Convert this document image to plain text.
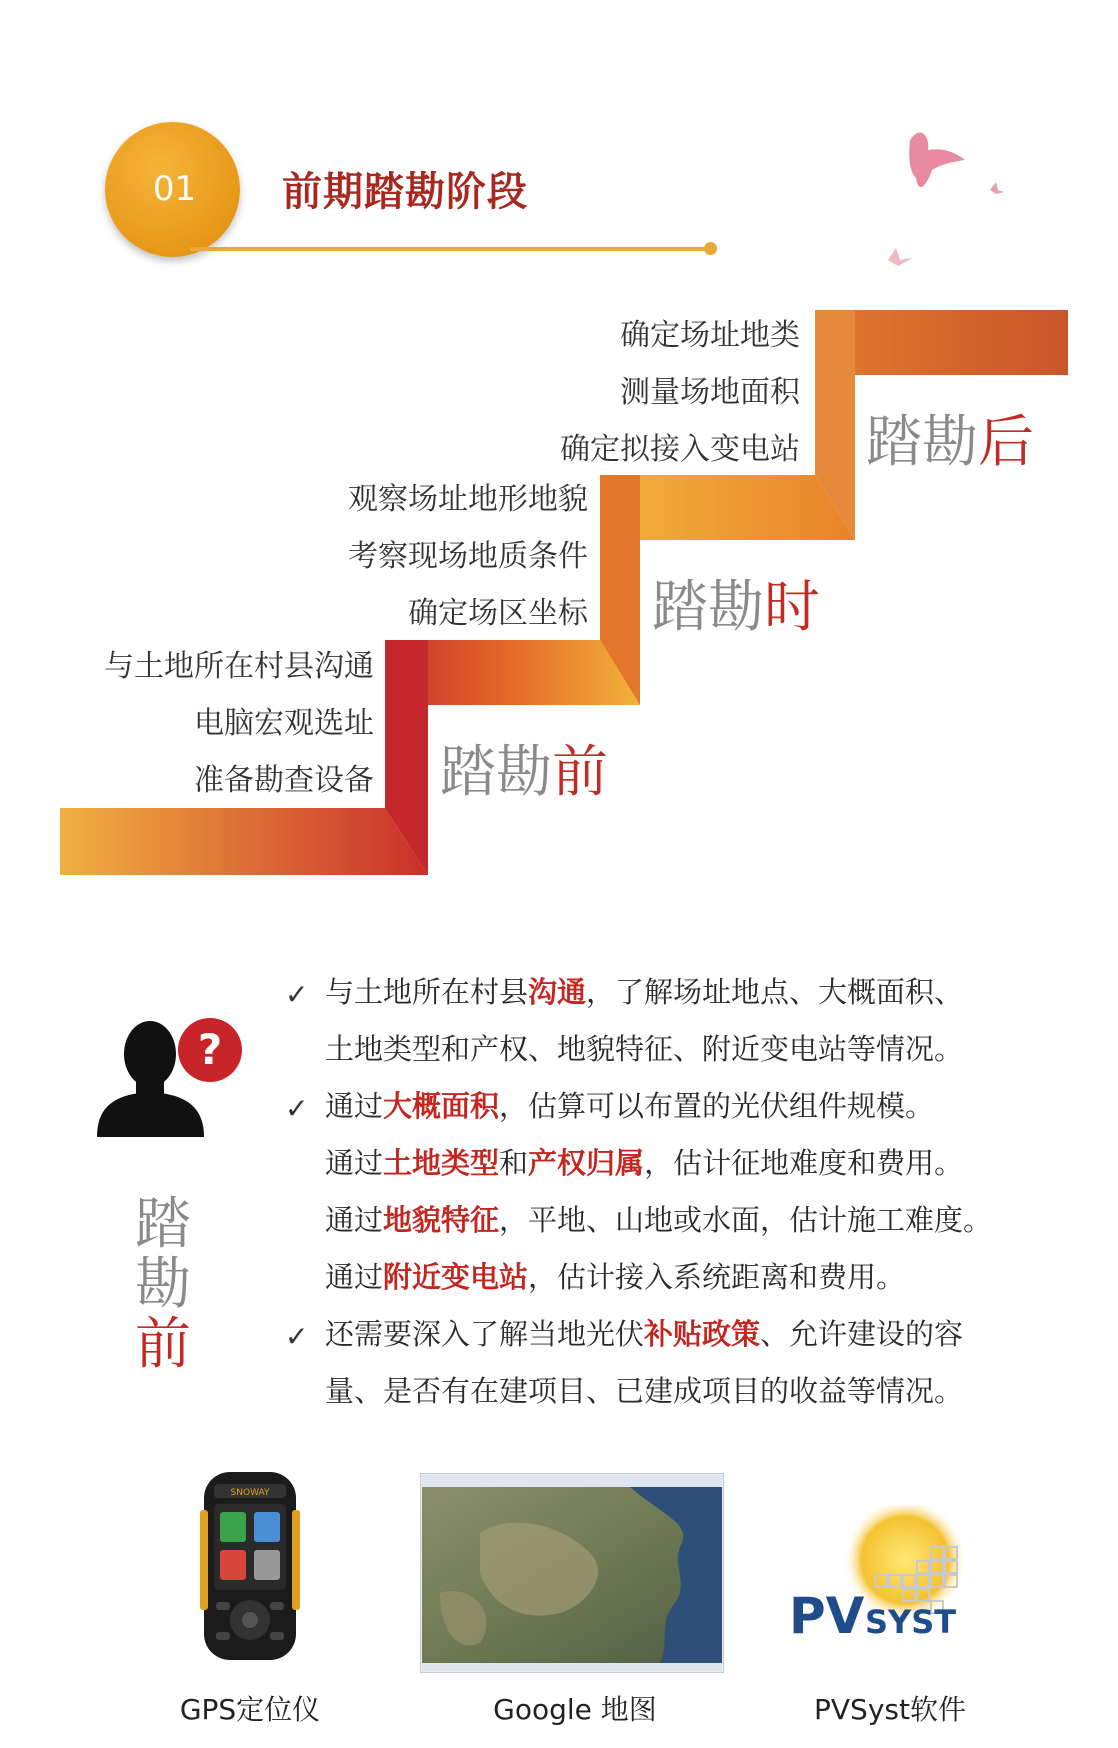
01	前期踏勘阶段
确定场址地类
测量场地面积
确定拟接入变电站 踏勘后
观察场址地形地貌
考察现场地质条件
确定场区坐标 踏勘时
与土地所在村县沟通
电脑宏观选址
准备勘查设备 踏勘前
?
踏
勘
前
✓
✓
✓
与土地所在村县沟通，了解场址地点、大概面积、
土地类型和产权、地貌特征、附近变电站等情况。
通过大概面积，估算可以布置的光伏组件规模。
通过土地类型和产权归属，估计征地难度和费用。
通过地貌特征，平地、山地或水面，估计施工难度。
通过附近变电站，估计接入系统距离和费用。
还需要深入了解当地光伏补贴政策、允许建设的容
量、是否有在建项目、已建成项目的收益等情况。
SNOWAY
GPS定位仪	Google 地图
PV SYST
PVSyst软件
